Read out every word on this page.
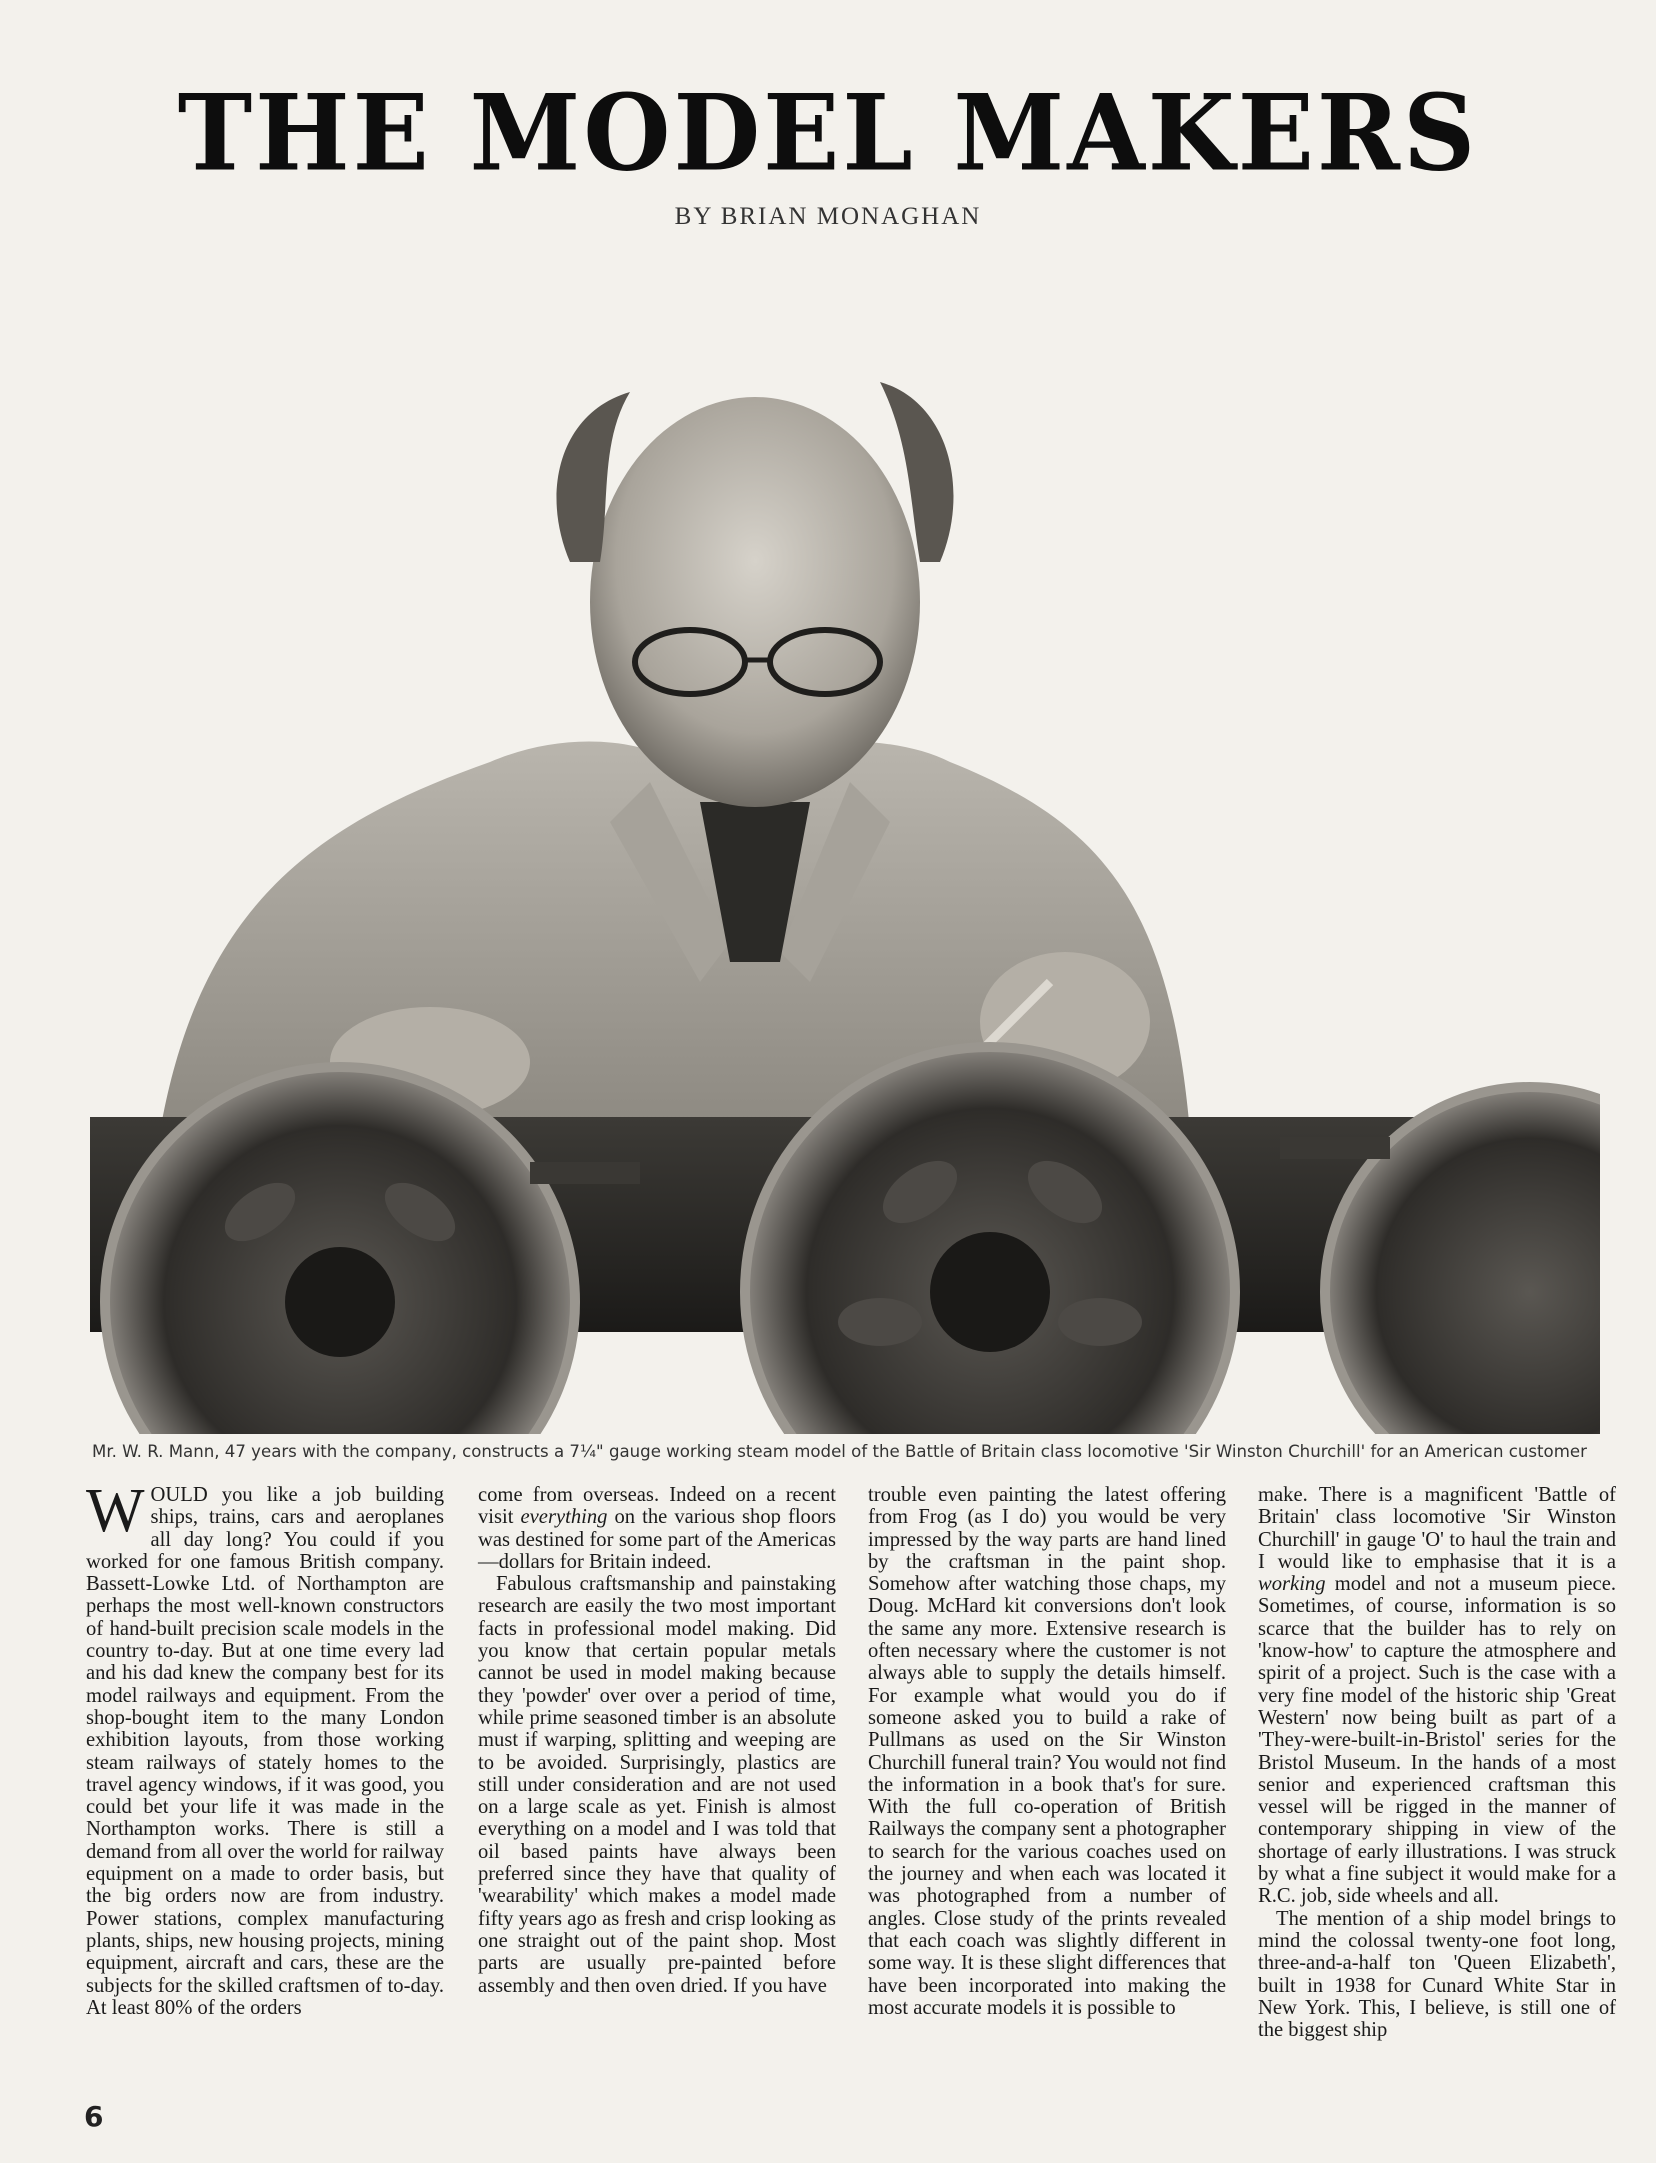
THE MODEL MAKERS
BY BRIAN MONAGHAN
Mr. W. R. Mann, 47 years with the company, constructs a 7¼" gauge working steam model of the Battle of Britain class locomotive 'Sir Winston Churchill' for an American customer

WOULD you like a job building ships, trains, cars and aeroplanes all day long? You could if you worked for one famous British company. Bassett-Lowke Ltd. of Northampton are perhaps the most well-known constructors of hand-built precision scale models in the country to-day. But at one time every lad and his dad knew the company best for its model railways and equipment. From the shop-bought item to the many London exhibition layouts, from those working steam railways of stately homes to the travel agency windows, if it was good, you could bet your life it was made in the Northampton works. There is still a demand from all over the world for railway equipment on a made to order basis, but the big orders now are from industry. Power stations, complex manufacturing plants, ships, new housing projects, mining equipment, aircraft and cars, these are the subjects for the skilled craftsmen of to-day. At least 80% of the orders

come from overseas. Indeed on a recent visit everything on the various shop floors was destined for some part of the Americas—dollars for Britain indeed.

Fabulous craftsmanship and painstaking research are easily the two most important facts in professional model making. Did you know that certain popular metals cannot be used in model making because they 'powder' over over a period of time, while prime seasoned timber is an absolute must if warping, splitting and weeping are to be avoided. Surprisingly, plastics are still under consideration and are not used on a large scale as yet. Finish is almost everything on a model and I was told that oil based paints have always been preferred since they have that quality of 'wearability' which makes a model made fifty years ago as fresh and crisp looking as one straight out of the paint shop. Most parts are usually pre-painted before assembly and then oven dried. If you have

trouble even painting the latest offering from Frog (as I do) you would be very impressed by the way parts are hand lined by the craftsman in the paint shop. Somehow after watching those chaps, my Doug. McHard kit conversions don't look the same any more. Extensive research is often necessary where the customer is not always able to supply the details himself. For example what would you do if someone asked you to build a rake of Pullmans as used on the Sir Winston Churchill funeral train? You would not find the information in a book that's for sure. With the full co-operation of British Railways the company sent a photographer to search for the various coaches used on the journey and when each was located it was photographed from a number of angles. Close study of the prints revealed that each coach was slightly different in some way. It is these slight differences that have been incorporated into making the most accurate models it is possible to

make. There is a magnificent 'Battle of Britain' class locomotive 'Sir Winston Churchill' in gauge 'O' to haul the train and I would like to emphasise that it is a working model and not a museum piece. Sometimes, of course, information is so scarce that the builder has to rely on 'know-how' to capture the atmosphere and spirit of a project. Such is the case with a very fine model of the historic ship 'Great Western' now being built as part of a 'They-were-built-in-Bristol' series for the Bristol Museum. In the hands of a most senior and experienced craftsman this vessel will be rigged in the manner of contemporary shipping in view of the shortage of early illustrations. I was struck by what a fine subject it would make for a R.C. job, side wheels and all.

The mention of a ship model brings to mind the colossal twenty-one foot long, three-and-a-half ton 'Queen Elizabeth', built in 1938 for Cunard White Star in New York. This, I believe, is still one of the biggest ship

6
